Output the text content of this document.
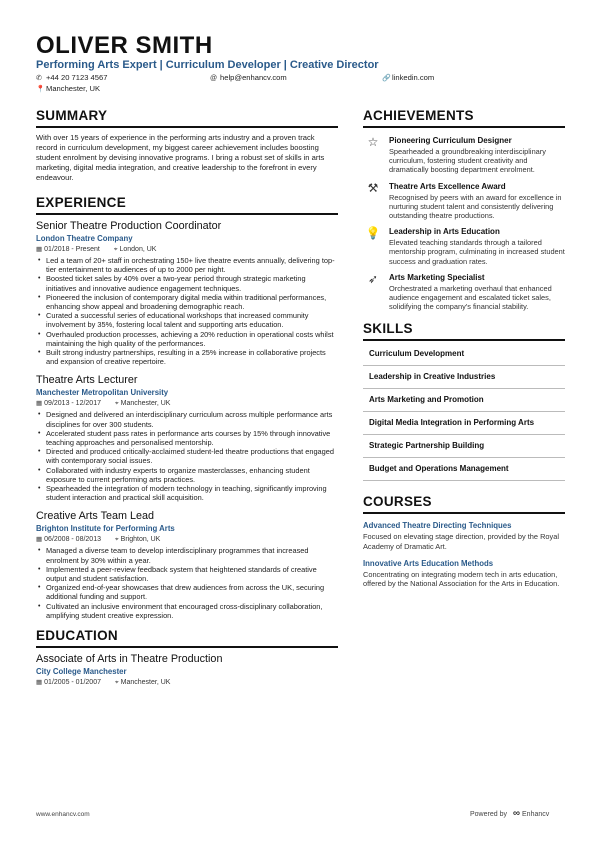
OLIVER SMITH
Performing Arts Expert | Curriculum Developer | Creative Director
✆ +44 20 7123 4567	@ help@enhancv.com	🔗linkedin.com
📍Manchester, UK
SUMMARY
With over 15 years of experience in the performing arts industry and a proven track record in curriculum development, my biggest career achievement includes boosting student enrolment by devising innovative programs. I bring a robust set of skills in arts marketing, digital media integration, and creative leadership to the forefront in every endeavour.
EXPERIENCE
Senior Theatre Production Coordinator
London Theatre Company
▦ 01/2018 - Present ⌖ London, UK
• Led a team of 20+ staff in orchestrating 150+ live theatre events annually, delivering top-tier entertainment to audiences of up to 2000 per night.
• Boosted ticket sales by 40% over a two-year period through strategic marketing initiatives and innovative audience engagement techniques.
• Pioneered the inclusion of contemporary digital media within traditional performances, enhancing show appeal and broadening demographic reach.
• Curated a successful series of educational workshops that increased community involvement by 35%, fostering local talent and supporting arts education.
• Overhauled production processes, achieving a 20% reduction in operational costs whilst maintaining the high quality of the performances.
• Built strong industry partnerships, resulting in a 25% increase in collaborative projects and expansion of creative repertoire.
Theatre Arts Lecturer
Manchester Metropolitan University
▦ 09/2013 - 12/2017 ⌖ Manchester, UK
• Designed and delivered an interdisciplinary curriculum across multiple performance arts disciplines for over 300 students.
• Accelerated student pass rates in performance arts courses by 15% through innovative teaching approaches and personalised mentorship.
• Directed and produced critically-acclaimed student-led theatre productions that engaged with contemporary social issues.
• Collaborated with industry experts to organize masterclasses, enhancing student exposure to current performing arts practices.
• Spearheaded the integration of modern technology in teaching, significantly improving student interaction and practical skill acquisition.
Creative Arts Team Lead
Brighton Institute for Performing Arts
▦ 06/2008 - 08/2013 ⌖ Brighton, UK
• Managed a diverse team to develop interdisciplinary programmes that increased enrolment by 30% within a year.
• Implemented a peer-review feedback system that heightened standards of creative output and student satisfaction.
• Organized end-of-year showcases that drew audiences from across the UK, securing additional funding and support.
• Cultivated an inclusive environment that encouraged cross-disciplinary collaboration, amplifying student creative expression.
EDUCATION
Associate of Arts in Theatre Production
City College Manchester
▦ 01/2005 - 01/2007 ⌖ Manchester, UK
ACHIEVEMENTS
☆	Pioneering Curriculum Designer
Spearheaded a groundbreaking interdisciplinary curriculum, fostering student creativity and dramatically boosting department enrolment.
⚒	Theatre Arts Excellence Award
Recognised by peers with an award for excellence in nurturing student talent and consistently delivering outstanding theatre productions.
💡 Leadership in Arts Education
Elevated teaching standards through a tailored mentorship program, culminating in increased student success and graduation rates.
➶	Arts Marketing Specialist
Orchestrated a marketing overhaul that enhanced audience engagement and escalated ticket sales, solidifying the company's financial stability.
SKILLS
Curriculum Development
Leadership in Creative Industries
Arts Marketing and Promotion
Digital Media Integration in Performing Arts
Strategic Partnership Building
Budget and Operations Management
COURSES
Advanced Theatre Directing Techniques
Focused on elevating stage direction, provided by the Royal Academy of Dramatic Art.
Innovative Arts Education Methods
Concentrating on integrating modern tech in arts education, offered by the National Association for the Arts in Education.
www.enhancv.com	Powered by ∞ Enhancv
